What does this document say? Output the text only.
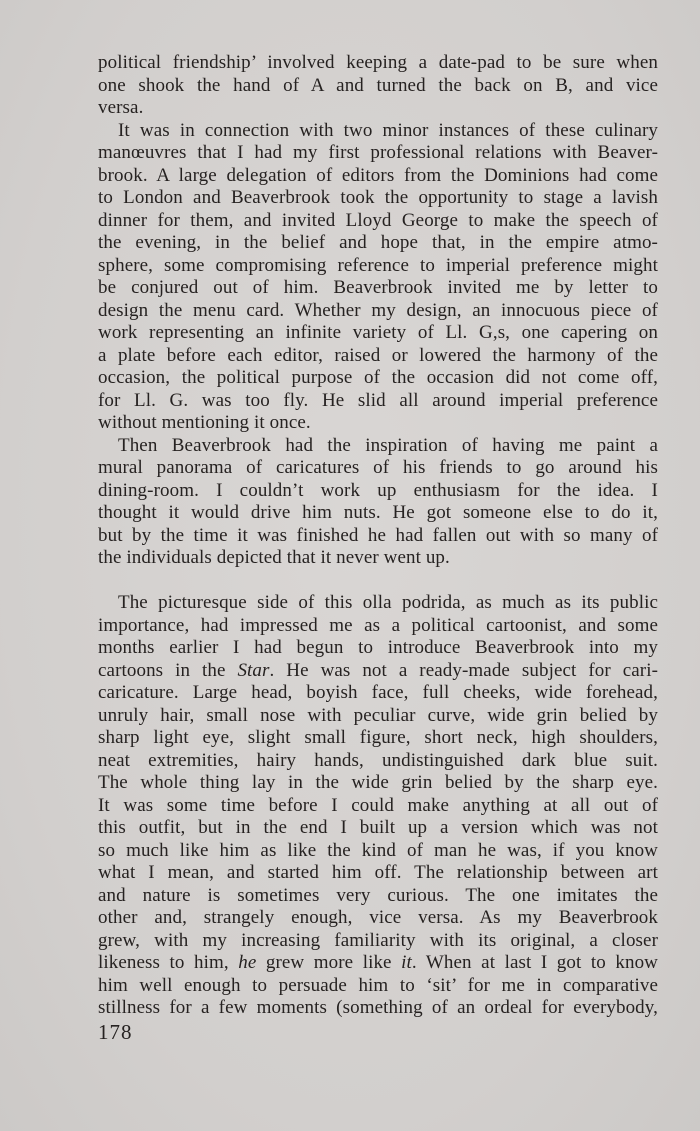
political friendship’ involved keeping a date-pad to be sure when
one shook the hand of A and turned the back on B, and vice
versa.
It was in connection with two minor instances of these culinary
manœuvres that I had my first professional relations with Beaver-
brook. A large delegation of editors from the Dominions had come
to London and Beaverbrook took the opportunity to stage a lavish
dinner for them, and invited Lloyd George to make the speech of
the evening, in the belief and hope that, in the empire atmo-
sphere, some compromising reference to imperial preference might
be conjured out of him. Beaverbrook invited me by letter to
design the menu card. Whether my design, an innocuous piece of
work representing an infinite variety of Ll. G,s, one capering on
a plate before each editor, raised or lowered the harmony of the
occasion, the political purpose of the occasion did not come off,
for Ll. G. was too fly. He slid all around imperial preference
without mentioning it once.
Then Beaverbrook had the inspiration of having me paint a
mural panorama of caricatures of his friends to go around his
dining-room. I couldn’t work up enthusiasm for the idea. I
thought it would drive him nuts. He got someone else to do it,
but by the time it was finished he had fallen out with so many of
the individuals depicted that it never went up.
The picturesque side of this olla podrida, as much as its public
importance, had impressed me as a political cartoonist, and some
months earlier I had begun to introduce Beaverbrook into my
cartoons in the Star. He was not a ready-made subject for cari-
caricature. Large head, boyish face, full cheeks, wide forehead,
unruly hair, small nose with peculiar curve, wide grin belied by
sharp light eye, slight small figure, short neck, high shoulders,
neat extremities, hairy hands, undistinguished dark blue suit.
The whole thing lay in the wide grin belied by the sharp eye.
It was some time before I could make anything at all out of
this outfit, but in the end I built up a version which was not
so much like him as like the kind of man he was, if you know
what I mean, and started him off. The relationship between art
and nature is sometimes very curious. The one imitates the
other and, strangely enough, vice versa. As my Beaverbrook
grew, with my increasing familiarity with its original, a closer
likeness to him, he grew more like it. When at last I got to know
him well enough to persuade him to ‘sit’ for me in comparative
stillness for a few moments (something of an ordeal for everybody,
178
